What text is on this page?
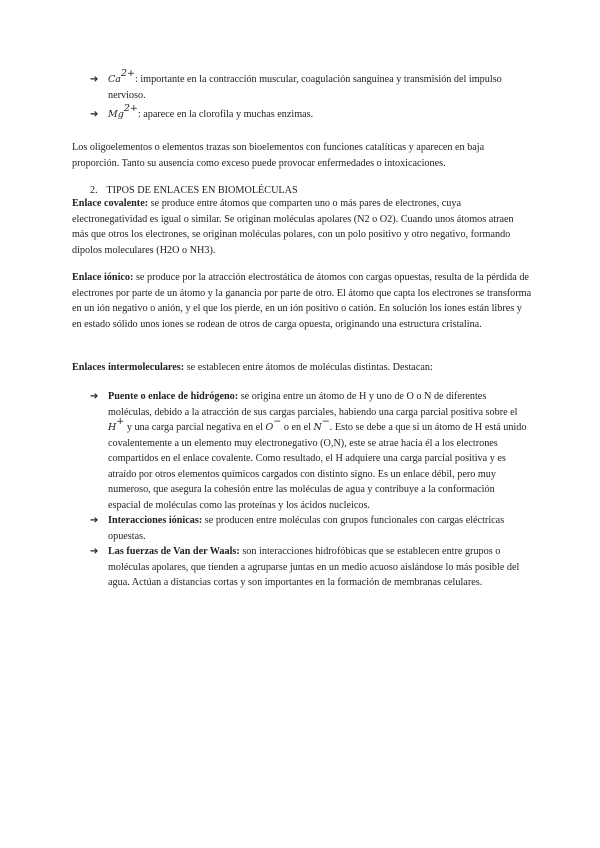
➔ $Ca^{2+}$: importante en la contracción muscular, coagulación sanguínea y transmisión del impulso nervioso.
➔ $Mg^{2+}$: aparece en la clorofila y muchas enzimas.
Los oligoelementos o elementos trazas son bioelementos con funciones catalíticas y aparecen en baja proporción. Tanto su ausencia como exceso puede provocar enfermedades o intoxicaciones.
2. TIPOS DE ENLACES EN BIOMOLÉCULAS
Enlace covalente: se produce entre átomos que comparten uno o más pares de electrones, cuya electronegatividad es igual o similar. Se originan moléculas apolares (N2 o O2). Cuando unos átomos atraen más que otros los electrones, se originan moléculas polares, con un polo positivo y otro negativo, formando dipolos moleculares (H2O o NH3).
Enlace iónico: se produce por la atracción electrostática de átomos con cargas opuestas, resulta de la pérdida de electrones por parte de un átomo y la ganancia por parte de otro. El átomo que capta los electrones se transforma en un ión negativo o anión, y el que los pierde, en un ión positivo o catión. En solución los iones están libres y en estado sólido unos iones se rodean de otros de carga opuesta, originando una estructura cristalina.
Enlaces intermoleculares: se establecen entre átomos de moléculas distintas. Destacan:
➔ Puente o enlace de hidrógeno: se origina entre un átomo de H y uno de O o N de diferentes moléculas, debido a la atracción de sus cargas parciales, habiendo una carga parcial positiva sobre el H+ y una carga parcial negativa en el O− o en el N−. Esto se debe a que si un átomo de H está unido covalentemente a un elemento muy electronegativo (O,N), este se atrae hacia él a los electrones compartidos en el enlace covalente. Como resultado, el H adquiere una carga parcial positiva y es atraído por otros elementos químicos cargados con distinto signo. Es un enlace débil, pero muy numeroso, que asegura la cohesión entre las moléculas de agua y contribuye a la conformación espacial de moléculas como las proteínas y los ácidos nucleicos.
➔ Interacciones iónicas: se producen entre moléculas con grupos funcionales con cargas eléctricas opuestas.
➔ Las fuerzas de Van der Waals: son interacciones hidrofóbicas que se establecen entre grupos o moléculas apolares, que tienden a agruparse juntas en un medio acuoso aislándose lo más posible del agua. Actúan a distancias cortas y son importantes en la formación de membranas celulares.
